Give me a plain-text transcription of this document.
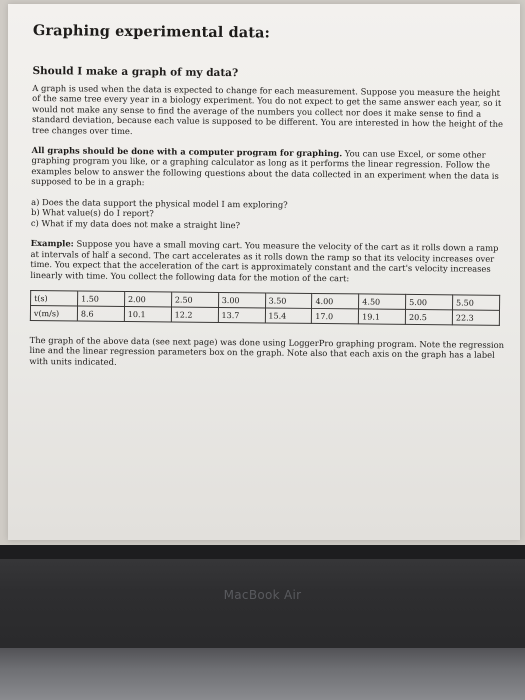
Graphing experimental data:
Should I make a graph of my data?

A graph is used when the data is expected to change for each measurement. Suppose you measure the height of the same tree every year in a biology experiment. You do not expect to get the same answer each year, so it would not make any sense to find the average of the numbers you collect nor does it make sense to find a standard deviation, because each value is supposed to be different. You are interested in how the height of the tree changes over time.

All graphs should be done with a computer program for graphing. You can use Excel, or some other graphing program you like, or a graphing calculator as long as it performs the linear regression. Follow the examples below to answer the following questions about the data collected in an experiment when the data is supposed to be in a graph:

a) Does the data support the physical model I am exploring?
b) What value(s) do I report?
c) What if my data does not make a straight line?

Example: Suppose you have a small moving cart. You measure the velocity of the cart as it rolls down a ramp at intervals of half a second. The cart accelerates as it rolls down the ramp so that its velocity increases over time. You expect that the acceleration of the cart is approximately constant and the cart's velocity increases linearly with time. You collect the following data for the motion of the cart:

t(s)	1.50	2.00	2.50	3.00	3.50	4.00	4.50	5.00	5.50
v(m/s)	8.6	10.1	12.2	13.7	15.4	17.0	19.1	20.5	22.3

The graph of the above data (see next page) was done using LoggerPro graphing program. Note the regression line and the linear regression parameters box on the graph. Note also that each axis on the graph has a label with units indicated.

MacBook Air
